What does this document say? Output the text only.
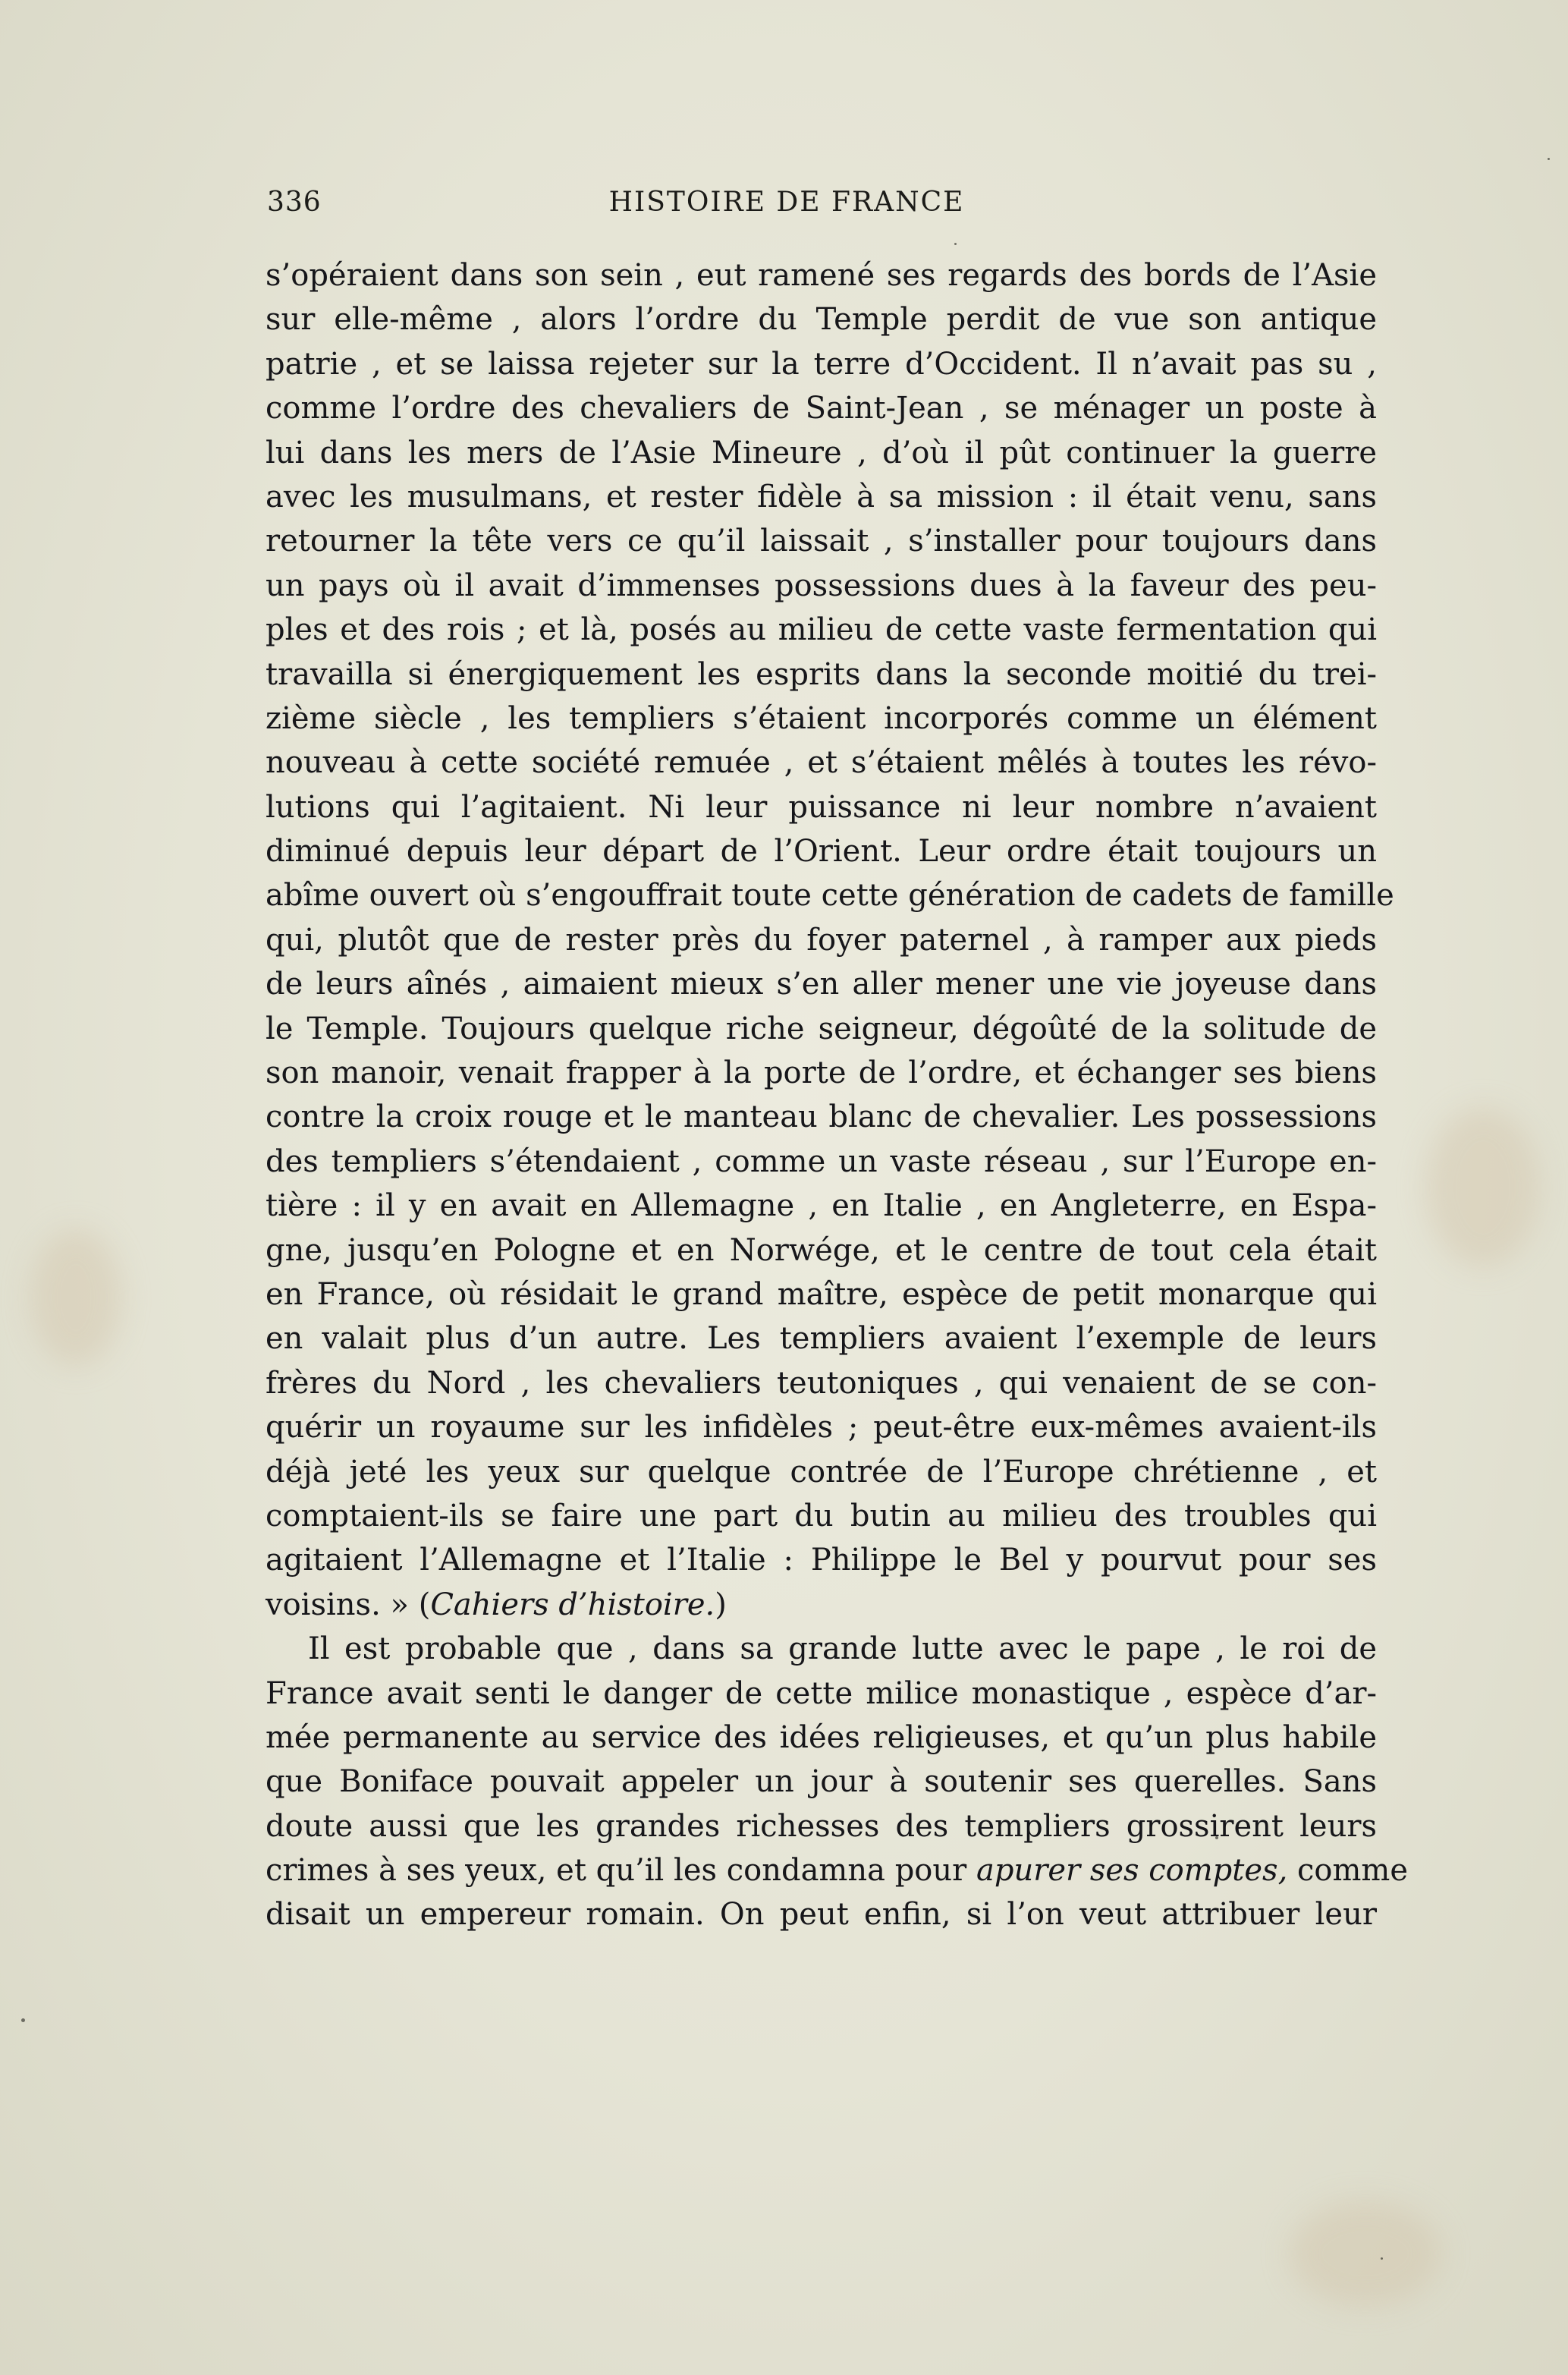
336	HISTOIRE DE FRANCE
s’opéraient dans son sein , eut ramené ses regards des bords de l’Asie
sur elle-même , alors l’ordre du Temple perdit de vue son antique
patrie , et se laissa rejeter sur la terre d’Occident. Il n’avait pas su ,
comme l’ordre des chevaliers de Saint-Jean , se ménager un poste à
lui dans les mers de l’Asie Mineure , d’où il pût continuer la guerre
avec les musulmans, et rester fidèle à sa mission : il était venu, sans
retourner la tête vers ce qu’il laissait , s’installer pour toujours dans
un pays où il avait d’immenses possessions dues à la faveur des peu-
ples et des rois ; et là, posés au milieu de cette vaste fermentation qui
travailla si énergiquement les esprits dans la seconde moitié du trei-
zième siècle , les templiers s’étaient incorporés comme un élément
nouveau à cette société remuée , et s’étaient mêlés à toutes les révo-
lutions qui l’agitaient. Ni leur puissance ni leur nombre n’avaient
diminué depuis leur départ de l’Orient. Leur ordre était toujours un
abîme ouvert où s’engouffrait toute cette génération de cadets de famille
qui, plutôt que de rester près du foyer paternel , à ramper aux pieds
de leurs aînés , aimaient mieux s’en aller mener une vie joyeuse dans
le Temple. Toujours quelque riche seigneur, dégoûté de la solitude de
son manoir, venait frapper à la porte de l’ordre, et échanger ses biens
contre la croix rouge et le manteau blanc de chevalier. Les possessions
des templiers s’étendaient , comme un vaste réseau , sur l’Europe en-
tière : il y en avait en Allemagne , en Italie , en Angleterre, en Espa-
gne, jusqu’en Pologne et en Norwége, et le centre de tout cela était
en France, où résidait le grand maître, espèce de petit monarque qui
en valait plus d’un autre. Les templiers avaient l’exemple de leurs
frères du Nord , les chevaliers teutoniques , qui venaient de se con-
quérir un royaume sur les infidèles ; peut-être eux-mêmes avaient-ils
déjà jeté les yeux sur quelque contrée de l’Europe chrétienne , et
comptaient-ils se faire une part du butin au milieu des troubles qui
agitaient l’Allemagne et l’Italie : Philippe le Bel y pourvut pour ses
voisins. » (Cahiers d’histoire.)
Il est probable que , dans sa grande lutte avec le pape , le roi de
France avait senti le danger de cette milice monastique , espèce d’ar-
mée permanente au service des idées religieuses, et qu’un plus habile
que Boniface pouvait appeler un jour à soutenir ses querelles. Sans
doute aussi que les grandes richesses des templiers grossirent leurs
crimes à ses yeux, et qu’il les condamna pour apurer ses comptes, comme
disait un empereur romain. On peut enfin, si l’on veut attribuer leur
